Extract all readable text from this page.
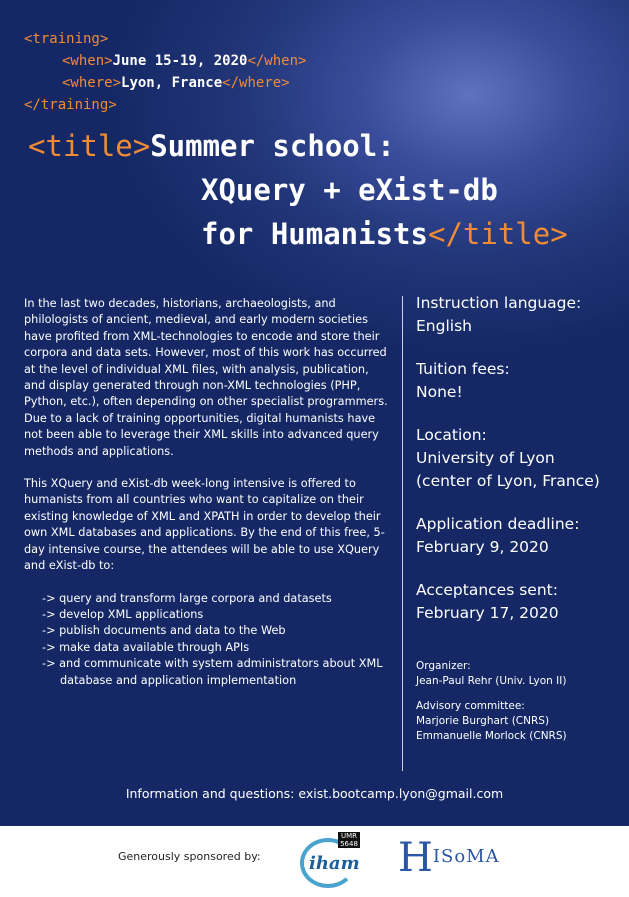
<training>
<when>June 15-19, 2020</when>
<where>Lyon, France</where>
</training>
<title>Summer school:
XQuery + eXist-db
for Humanists</title>

In the last two decades, historians, archaeologists, and philologists of ancient, medieval, and early modern societies have profited from XML-technologies to encode and store their corpora and data sets. However, most of this work has occurred at the level of individual XML files, with analysis, publication, and display generated through non-XML technologies (PHP, Python, etc.), often depending on other specialist programmers. Due to a lack of training opportunities, digital humanists have not been able to leverage their XML skills into advanced query methods and applications.

This XQuery and eXist-db week-long intensive is offered to humanists from all countries who want to capitalize on their existing knowledge of XML and XPATH in order to develop their own XML databases and applications. By the end of this free, 5-day intensive course, the attendees will be able to use XQuery and eXist-db to:

-> query and transform large corpora and datasets
-> develop XML applications
-> publish documents and data to the Web
-> make data available through APIs
-> and communicate with system administrators about XML database and application implementation
Instruction language:
English
Tuition fees:
None!
Location:
University of Lyon
(center of Lyon, France)
Application deadline:
February 9, 2020
Acceptances sent:
February 17, 2020
Organizer:
Jean-Paul Rehr (Univ. Lyon II)
Advisory committee:
Marjorie Burghart (CNRS)
Emmanuelle Morlock (CNRS)
Information and questions: exist.bootcamp.lyon@gmail.com
Generously sponsored by:	iham
UMR 5648 HISoMA
